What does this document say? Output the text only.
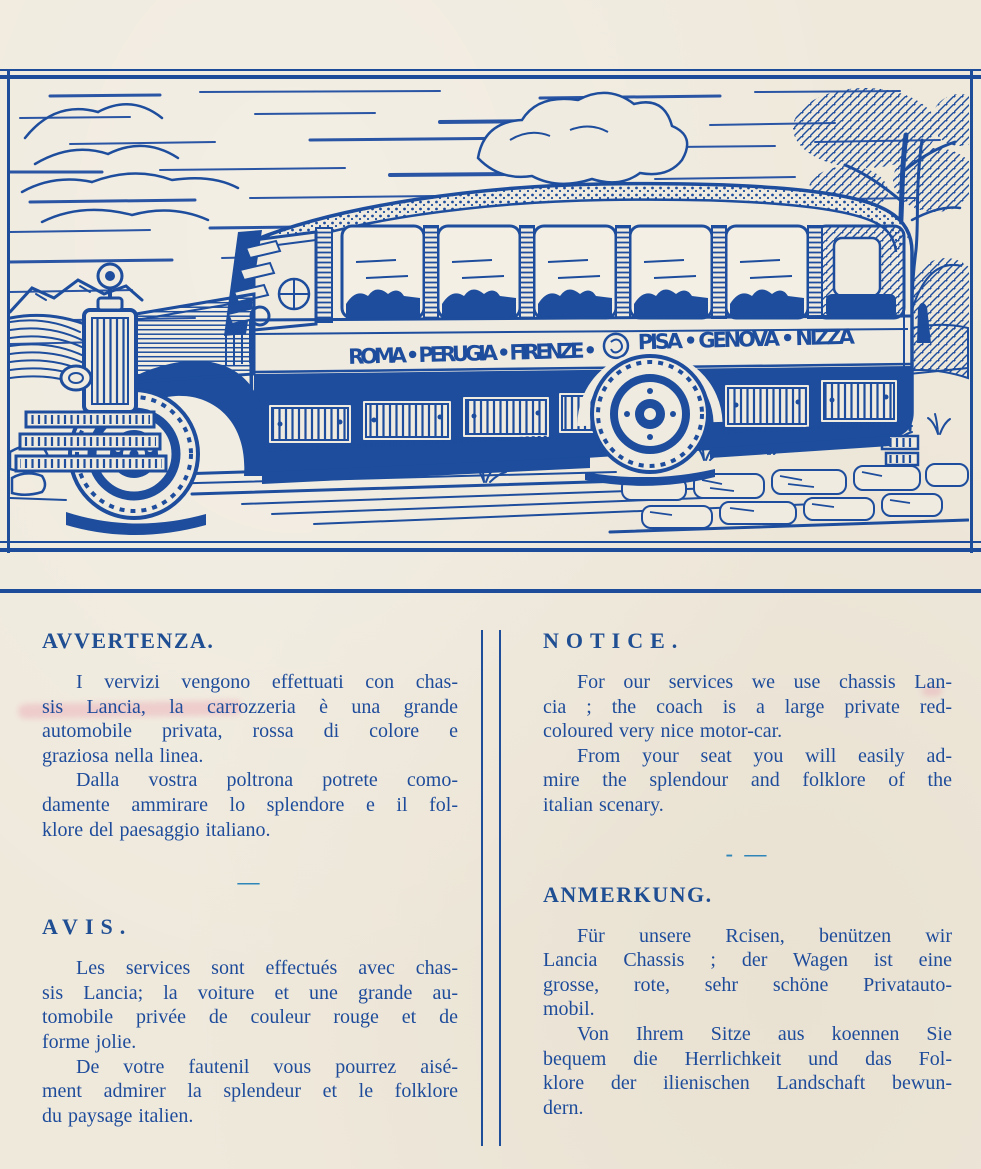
ROMA • PERUGIA • FIRENZE • PISA • GENOVA • NIZZA
AVVERTENZA.
I vervizi vengono effettuati con chas-
sis Lancia, la carrozzeria è una grande
automobile privata, rossa di colore e
graziosa nella linea.
Dalla vostra poltrona potrete como-
damente ammirare lo splendore e il fol-
klore del paesaggio italiano.
—
AVIS.
Les services sont effectués avec chas-
sis Lancia; la voiture et une grande au-
tomobile privée de couleur rouge et de
forme jolie.
De votre fautenil vous pourrez aisé-
ment admirer la splendeur et le folklore
du paysage italien.
NOTICE.
For our services we use chassis Lan-
cia ; the coach is a large private red-
coloured very nice motor-car.
From your seat you will easily ad-
mire the splendour and folklore of the
italian scenary.
- —
ANMERKUNG.
Für unsere Rcisen, benützen wir
Lancia Chassis ; der Wagen ist eine
grosse, rote, sehr schöne Privatauto-
mobil.
Von Ihrem Sitze aus koennen Sie
bequem die Herrlichkeit und das Fol-
klore der ilienischen Landschaft bewun-
dern.
